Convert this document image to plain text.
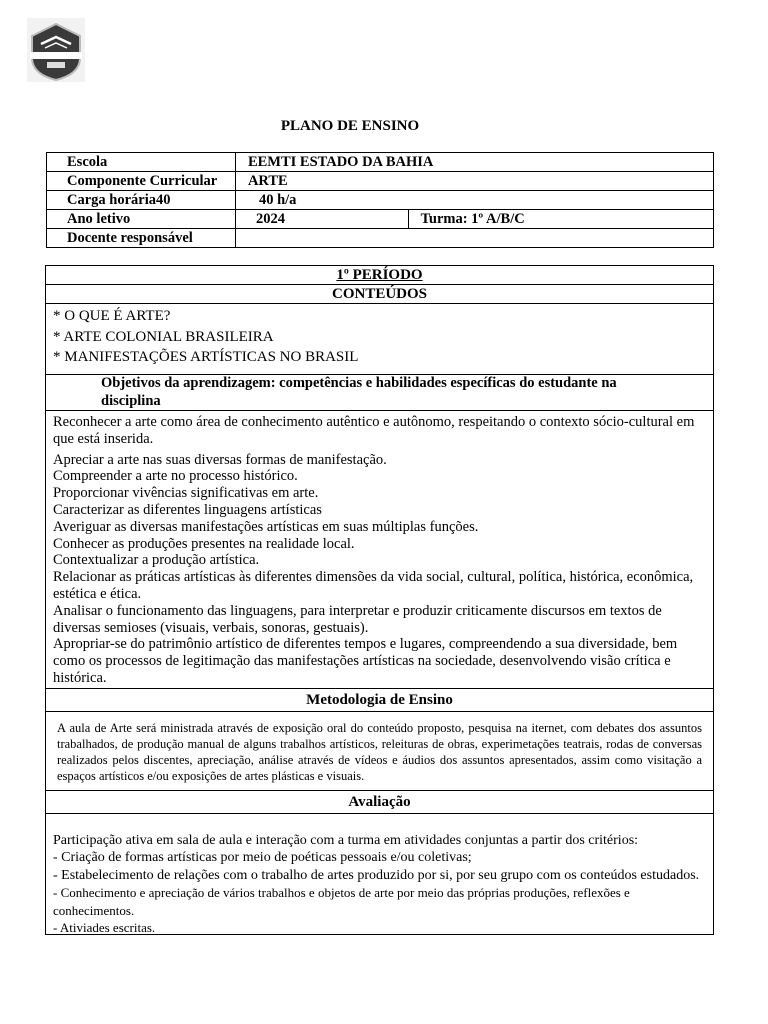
PLANO DE ENSINO
Escola	EEMTI ESTADO DA BAHIA	
Componente Curricular	ARTE	
Carga horária40	40 h/a	
Ano letivo	2024	Turma: 1º A/B/C
Docente responsável		
1º PERÍODO
CONTEÚDOS
* O QUE É ARTE?
* ARTE COLONIAL BRASILEIRA
* MANIFESTAÇÕES ARTÍSTICAS NO BRASIL
Objetivos da aprendizagem: competências e habilidades específicas do estudante na disciplina

Reconhecer a arte como área de conhecimento autêntico e autônomo, respeitando o contexto sócio-cultural em que está inserida.

Apreciar a arte nas suas diversas formas de manifestação.

Compreender a arte no processo histórico.

Proporcionar vivências significativas em arte.

Caracterizar as diferentes linguagens artísticas

Averiguar as diversas manifestações artísticas em suas múltiplas funções.

Conhecer as produções presentes na realidade local.

Contextualizar a produção artística.

Relacionar as práticas artísticas às diferentes dimensões da vida social, cultural, política, histórica, econômica, estética e ética.

Analisar o funcionamento das linguagens, para interpretar e produzir criticamente discursos em textos de diversas semioses (visuais, verbais, sonoras, gestuais).

Apropriar-se do patrimônio artístico de diferentes tempos e lugares, compreendendo a sua diversidade, bem como os processos de legitimação das manifestações artísticas na sociedade, desenvolvendo visão crítica e histórica.

Metodologia de Ensino
A aula de Arte será ministrada através de exposição oral do conteúdo proposto, pesquisa na iternet, com debates dos assuntos trabalhados, de produção manual de alguns trabalhos artísticos, releituras de obras, experimetações teatrais, rodas de conversas realizados pelos discentes, apreciação, análise através de vídeos e áudios dos assuntos apresentados, assim como visitação a espaços artísticos e/ou exposições de artes plásticas e visuais.
Avaliação

Participação ativa em sala de aula e interação com a turma em atividades conjuntas a partir dos critérios:

- Criação de formas artísticas por meio de poéticas pessoais e/ou coletivas;

- Estabelecimento de relações com o trabalho de artes produzido por si, por seu grupo com os conteúdos estudados.

- Conhecimento e apreciação de vários trabalhos e objetos de arte por meio das próprias produções, reflexões e conhecimentos.

- Ativiades escritas.
